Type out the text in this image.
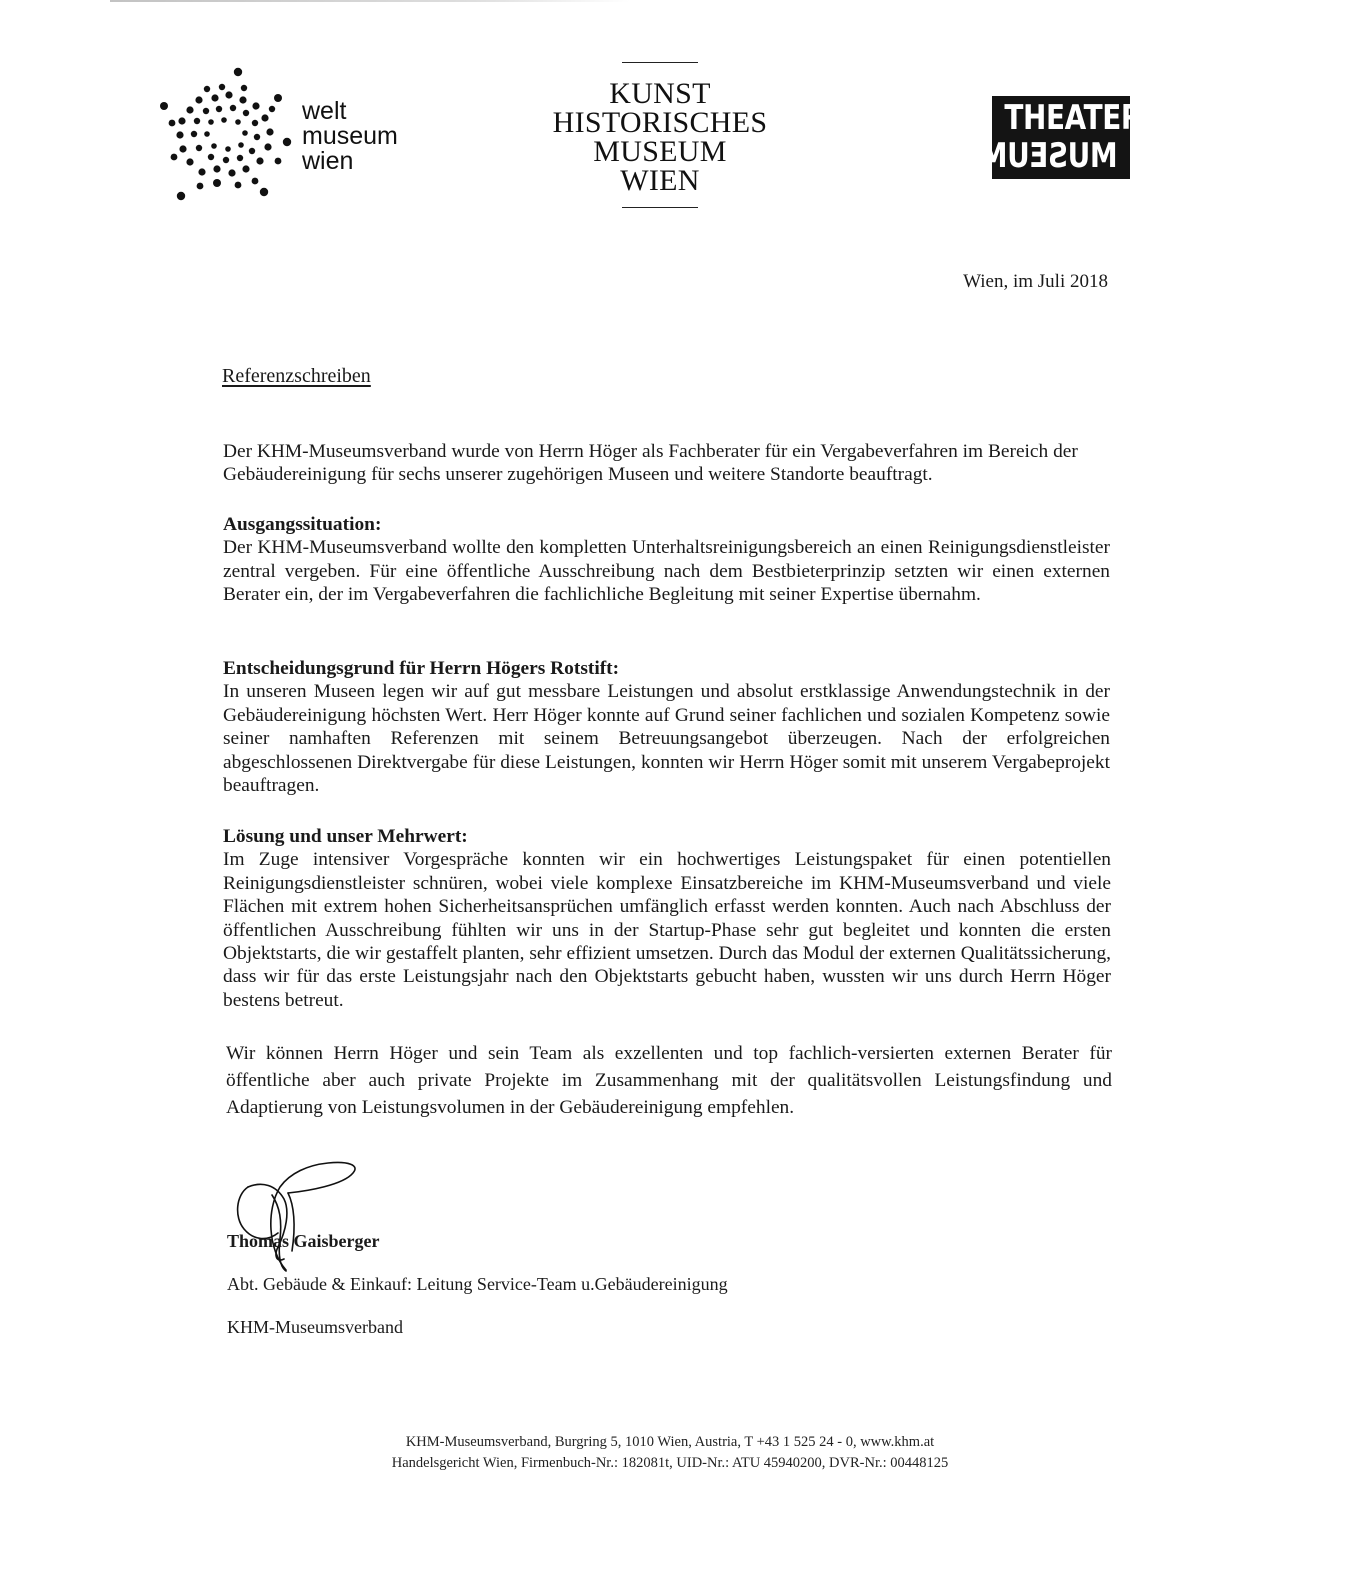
welt
museum
wien
KUNST
HISTORISCHES
MUSEUM
WIEN
THEATER
MUSEUM
Wien, im Juli 2018
Referenzschreiben

Der KHM-Museumsverband wurde von Herrn Höger als Fachberater für ein Vergabeverfahren im Bereich der Gebäudereinigung für sechs unserer zugehörigen Museen und weitere Standorte beauftragt.

Ausgangssituation:
Der KHM-Museumsverband wollte den kompletten Unterhaltsreinigungsbereich an einen Reinigungsdienstleister zentral vergeben. Für eine öffentliche Ausschreibung nach dem Bestbieterprinzip setzten wir einen externen Berater ein, der im Vergabeverfahren die fachlichliche Begleitung mit seiner Expertise übernahm.
Entscheidungsgrund für Herrn Högers Rotstift:
In unseren Museen legen wir auf gut messbare Leistungen und absolut erstklassige Anwendungstechnik in der Gebäudereinigung höchsten Wert. Herr Höger konnte auf Grund seiner fachlichen und sozialen Kompetenz sowie seiner namhaften Referenzen mit seinem Betreuungsangebot überzeugen. Nach der erfolgreichen abgeschlossenen Direktvergabe für diese Leistungen, konnten wir Herrn Höger somit mit unserem Vergabeprojekt beauftragen.
Lösung und unser Mehrwert:
Im Zuge intensiver Vorgespräche konnten wir ein hochwertiges Leistungspaket für einen potentiellen Reinigungsdienstleister schnüren, wobei viele komplexe Einsatzbereiche im KHM-Museumsverband und viele Flächen mit extrem hohen Sicherheitsansprüchen umfänglich erfasst werden konnten. Auch nach Abschluss der öffentlichen Ausschreibung fühlten wir uns in der Startup-Phase sehr gut begleitet und konnten die ersten Objektstarts, die wir gestaffelt planten, sehr effizient umsetzen. Durch das Modul der externen Qualitätssicherung, dass wir für das erste Leistungsjahr nach den Objektstarts gebucht haben, wussten wir uns durch Herrn Höger bestens betreut.

Wir können Herrn Höger und sein Team als exzellenten und top fachlich-versierten externen Berater für öffentliche aber auch private Projekte im Zusammenhang mit der qualitätsvollen Leistungsfindung und Adaptierung von Leistungsvolumen in der Gebäudereinigung empfehlen.

Thomas Gaisberger
Abt. Gebäude & Einkauf: Leitung Service-Team u.Gebäudereinigung
KHM-Museumsverband
KHM-Museumsverband, Burgring 5, 1010 Wien, Austria, T +43 1 525 24 - 0, www.khm.at
Handelsgericht Wien, Firmenbuch-Nr.: 182081t, UID-Nr.: ATU 45940200, DVR-Nr.: 00448125
